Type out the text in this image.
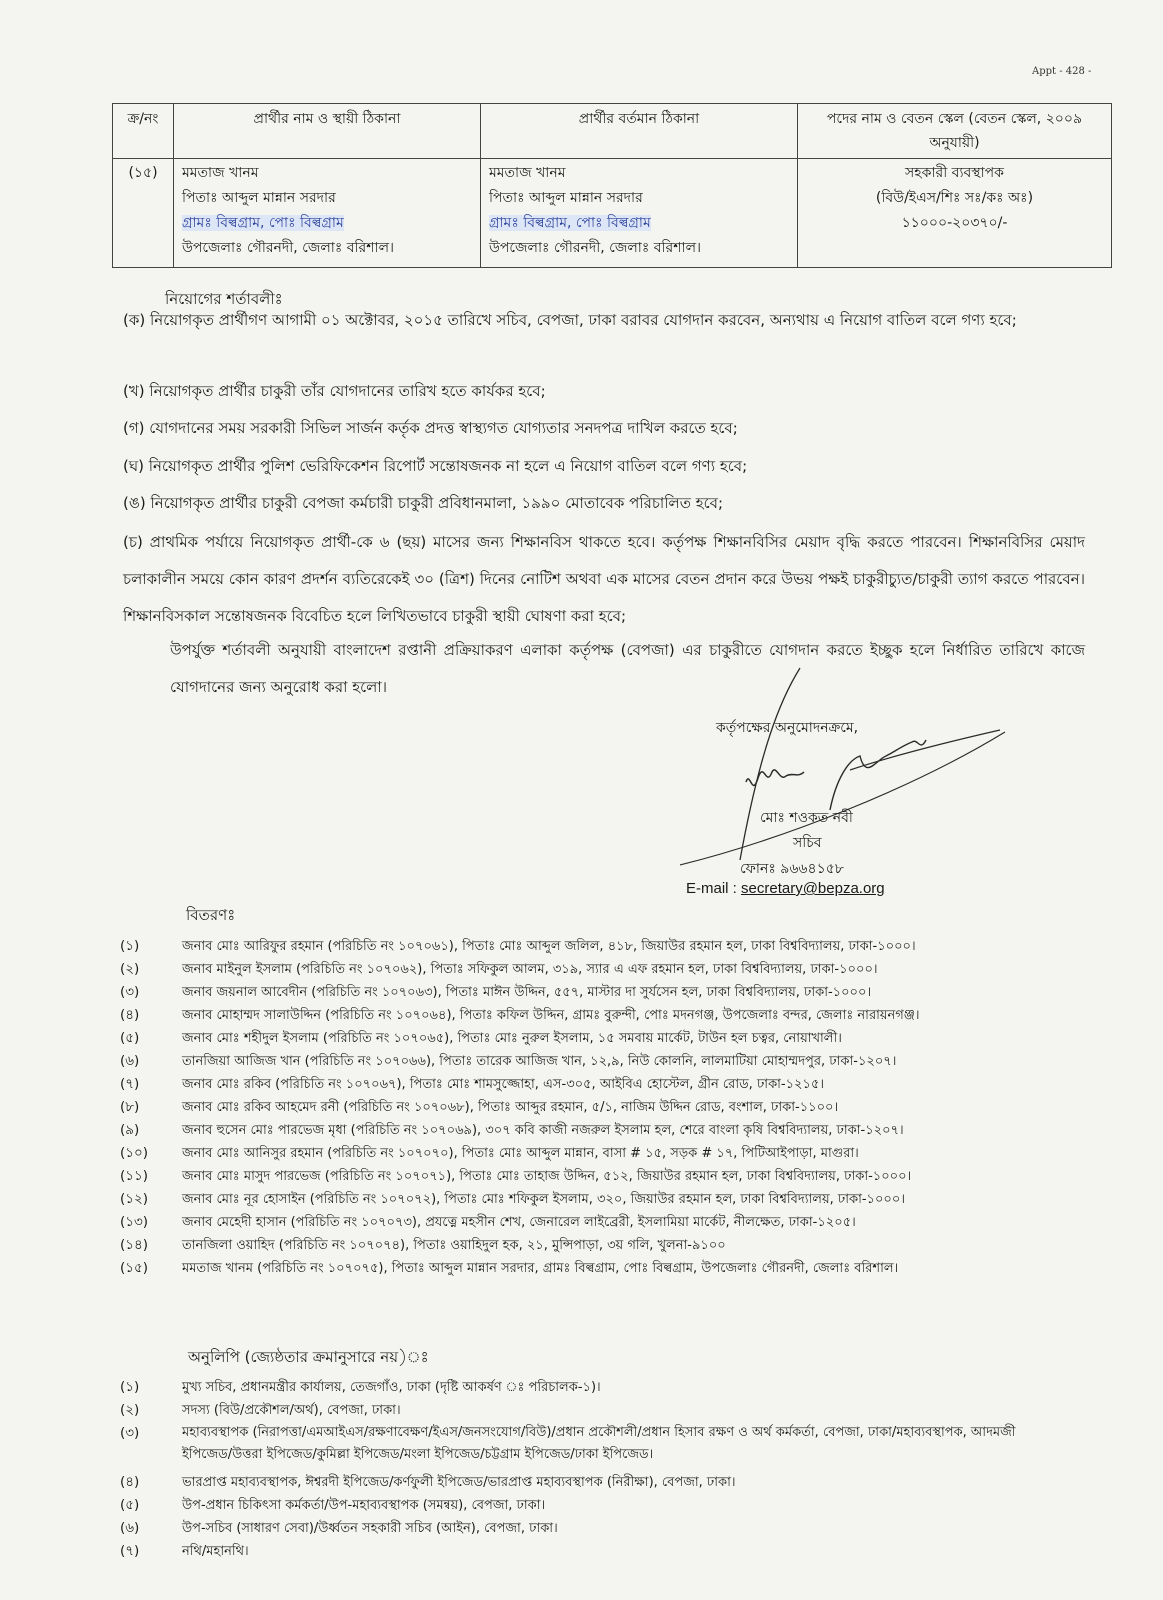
Appt - 428 -
ক্র/নং	প্রার্থীর নাম ও স্থায়ী ঠিকানা	প্রার্থীর বর্তমান ঠিকানা	পদের নাম ও বেতন স্কেল (বেতন স্কেল, ২০০৯ অনুযায়ী)
(১৫)	মমতাজ খানম
পিতাঃ আব্দুল মান্নান সরদার
গ্রামঃ বিল্বগ্রাম, পোঃ বিল্বগ্রাম
উপজেলাঃ গৌরনদী, জেলাঃ বরিশাল।	মমতাজ খানম
পিতাঃ আব্দুল মান্নান সরদার
গ্রামঃ বিল্বগ্রাম, পোঃ বিল্বগ্রাম
উপজেলাঃ গৌরনদী, জেলাঃ বরিশাল।	সহকারী ব্যবস্থাপক
(বিউ/ইএস/শিঃ সঃ/কঃ অঃ)
১১০০০-২০৩৭০/-
নিয়োগের শর্তাবলীঃ
(ক) নিয়োগকৃত প্রার্থীগণ আগামী ০১ অক্টোবর, ২০১৫ তারিখে সচিব, বেপজা, ঢাকা বরাবর যোগদান করবেন, অন্যথায় এ নিয়োগ বাতিল বলে গণ্য হবে;
(খ) নিয়োগকৃত প্রার্থীর চাকুরী তাঁর যোগদানের তারিখ হতে কার্যকর হবে;
(গ) যোগদানের সময় সরকারী সিভিল সার্জন কর্তৃক প্রদত্ত স্বাস্থ্যগত যোগ্যতার সনদপত্র দাখিল করতে হবে;
(ঘ) নিয়োগকৃত প্রার্থীর পুলিশ ভেরিফিকেশন রিপোর্ট সন্তোষজনক না হলে এ নিয়োগ বাতিল বলে গণ্য হবে;
(ঙ) নিয়োগকৃত প্রার্থীর চাকুরী বেপজা কর্মচারী চাকুরী প্রবিধানমালা, ১৯৯০ মোতাবেক পরিচালিত হবে;
(চ) প্রাথমিক পর্যায়ে নিয়োগকৃত প্রার্থী-কে ৬ (ছয়) মাসের জন্য শিক্ষানবিস থাকতে হবে। কর্তৃপক্ষ শিক্ষানবিসির মেয়াদ বৃদ্ধি করতে পারবেন। শিক্ষানবিসির মেয়াদ চলাকালীন সময়ে কোন কারণ প্রদর্শন ব্যতিরেকেই ৩০ (ত্রিশ) দিনের নোটিশ অথবা এক মাসের বেতন প্রদান করে উভয় পক্ষই চাকুরীচ্যুত/চাকুরী ত্যাগ করতে পারবেন। শিক্ষানবিসকাল সন্তোষজনক বিবেচিত হলে লিখিতভাবে চাকুরী স্থায়ী ঘোষণা করা হবে;
উপর্যুক্ত শর্তাবলী অনুযায়ী বাংলাদেশ রপ্তানী প্রক্রিয়াকরণ এলাকা কর্তৃপক্ষ (বেপজা) এর চাকুরীতে যোগদান করতে ইচ্ছুক হলে নির্ধারিত তারিখে কাজে যোগদানের জন্য অনুরোধ করা হলো।
কর্তৃপক্ষের অনুমোদনক্রমে,
মোঃ শওকত নবী
সচিব
ফোনঃ ৯৬৬৪১৫৮
E-mail : secretary@bepza.org
বিতরণঃ
(১)	জনাব মোঃ আরিফুর রহমান (পরিচিতি নং ১০৭০৬১), পিতাঃ মোঃ আব্দুল জলিল, ৪১৮, জিয়াউর রহমান হল, ঢাকা বিশ্ববিদ্যালয়, ঢাকা-১০০০।
(২)	জনাব মাইনুল ইসলাম (পরিচিতি নং ১০৭০৬২), পিতাঃ সফিকুল আলম, ৩১৯, স্যার এ এফ রহমান হল, ঢাকা বিশ্ববিদ্যালয়, ঢাকা-১০০০।
(৩)	জনাব জয়নাল আবেদীন (পরিচিতি নং ১০৭০৬৩), পিতাঃ মাঈন উদ্দিন, ৫৫৭, মাস্টার দা সুর্যসেন হল, ঢাকা বিশ্ববিদ্যালয়, ঢাকা-১০০০।
(৪)	জনাব মোহাম্মদ সালাউদ্দিন (পরিচিতি নং ১০৭০৬৪), পিতাঃ কফিল উদ্দিন, গ্রামঃ বুরুন্দী, পোঃ মদনগঞ্জ, উপজেলাঃ বন্দর, জেলাঃ নারায়নগঞ্জ।
(৫)	জনাব মোঃ শহীদুল ইসলাম (পরিচিতি নং ১০৭০৬৫), পিতাঃ মোঃ নুরুল ইসলাম, ১৫ সমবায় মার্কেট, টাউন হল চত্বর, নোয়াখালী।
(৬)	তানজিয়া আজিজ খান (পরিচিতি নং ১০৭০৬৬), পিতাঃ তারেক আজিজ খান, ১২,৯, নিউ কোলনি, লালমাটিয়া মোহাম্মদপুর, ঢাকা-১২০৭।
(৭)	জনাব মোঃ রকিব (পরিচিতি নং ১০৭০৬৭), পিতাঃ মোঃ শামসুজ্জোহা, এস-৩০৫, আইবিএ হোস্টেল, গ্রীন রোড, ঢাকা-১২১৫।
(৮)	জনাব মোঃ রকিব আহমেদ রনী (পরিচিতি নং ১০৭০৬৮), পিতাঃ আব্দুর রহমান, ৫/১, নাজিম উদ্দিন রোড, বংশাল, ঢাকা-১১০০।
(৯)	জনাব হুসেন মোঃ পারভেজ মৃধা (পরিচিতি নং ১০৭০৬৯), ৩০৭ কবি কাজী নজরুল ইসলাম হল, শেরে বাংলা কৃষি বিশ্ববিদ্যালয়, ঢাকা-১২০৭।
(১০)	জনাব মোঃ আনিসুর রহমান (পরিচিতি নং ১০৭০৭০), পিতাঃ মোঃ আব্দুল মান্নান, বাসা # ১৫, সড়ক # ১৭, পিটিআইপাড়া, মাগুরা।
(১১)	জনাব মোঃ মাসুদ পারভেজ (পরিচিতি নং ১০৭০৭১), পিতাঃ মোঃ তাহাজ উদ্দিন, ৫১২, জিয়াউর রহমান হল, ঢাকা বিশ্ববিদ্যালয়, ঢাকা-১০০০।
(১২)	জনাব মোঃ নূর হোসাইন (পরিচিতি নং ১০৭০৭২), পিতাঃ মোঃ শফিকুল ইসলাম, ৩২০, জিয়াউর রহমান হল, ঢাকা বিশ্ববিদ্যালয়, ঢাকা-১০০০।
(১৩)	জনাব মেহেদী হাসান (পরিচিতি নং ১০৭০৭৩), প্রযত্নে মহসীন শেখ, জেনারেল লাইব্রেরী, ইসলামিয়া মার্কেট, নীলক্ষেত, ঢাকা-১২০৫।
(১৪)	তানজিলা ওয়াহিদ (পরিচিতি নং ১০৭০৭৪), পিতাঃ ওয়াহিদুল হক, ২১, মুন্সিপাড়া, ৩য় গলি, খুলনা-৯১০০
(১৫)	মমতাজ খানম (পরিচিতি নং ১০৭০৭৫), পিতাঃ আব্দুল মান্নান সরদার, গ্রামঃ বিল্বগ্রাম, পোঃ বিল্বগ্রাম, উপজেলাঃ গৌরনদী, জেলাঃ বরিশাল।
অনুলিপি (জ্যেষ্ঠতার ক্রমানুসারে নয়)ঃ
(১)	মুখ্য সচিব, প্রধানমন্ত্রীর কার্যালয়, তেজগাঁও, ঢাকা (দৃষ্টি আকর্ষণ ঃ পরিচালক-১)।
(২)	সদস্য (বিউ/প্রকৌশল/অর্থ), বেপজা, ঢাকা।
(৩)	মহাব্যবস্থাপক (নিরাপত্তা/এমআইএস/রক্ষণাবেক্ষণ/ইএস/জনসংযোগ/বিউ)/প্রধান প্রকৌশলী/প্রধান হিসাব রক্ষণ ও অর্থ কর্মকর্তা, বেপজা, ঢাকা/মহাব্যবস্থাপক, আদমজী ইপিজেড/উত্তরা ইপিজেড/কুমিল্লা ইপিজেড/মংলা ইপিজেড/চট্টগ্রাম ইপিজেড/ঢাকা ইপিজেড।
(৪)	ভারপ্রাপ্ত মহাব্যবস্থাপক, ঈশ্বরদী ইপিজেড/কর্ণফুলী ইপিজেড/ভারপ্রাপ্ত মহাব্যবস্থাপক (নিরীক্ষা), বেপজা, ঢাকা।
(৫)	উপ-প্রধান চিকিৎসা কর্মকর্তা/উপ-মহাব্যবস্থাপক (সমন্বয়), বেপজা, ঢাকা।
(৬)	উপ-সচিব (সাধারণ সেবা)/উর্ধ্বতন সহকারী সচিব (আইন), বেপজা, ঢাকা।
(৭)	নথি/মহানথি।
